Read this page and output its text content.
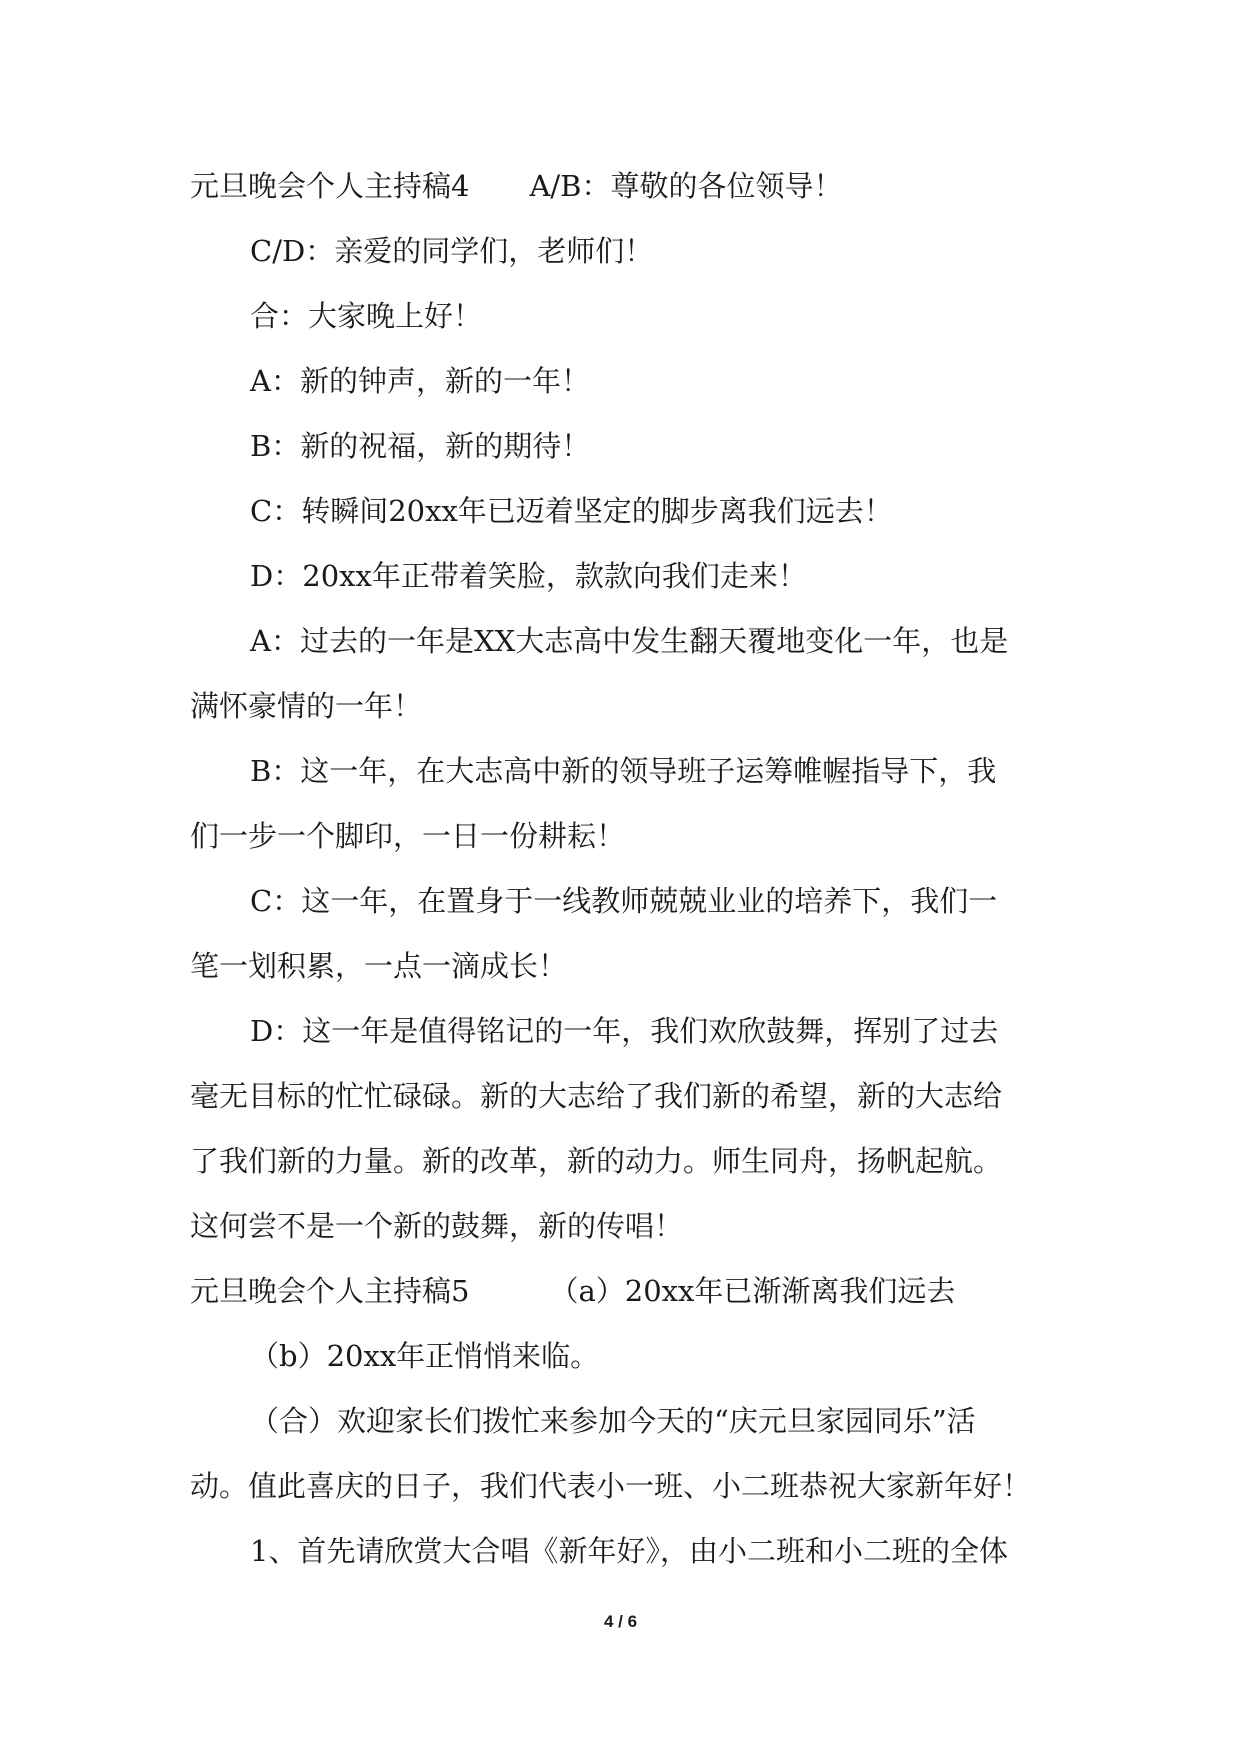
元旦晚会个人主持稿4 A/B：尊敬的各位领导！
C/D：亲爱的同学们，老师们！
合：大家晚上好！
A：新的钟声，新的一年！
B：新的祝福，新的期待！
C：转瞬间20xx年已迈着坚定的脚步离我们远去！
D：20xx年正带着笑脸，款款向我们走来！
A：过去的一年是XX大志高中发生翻天覆地变化一年，也是
满怀豪情的一年！
B：这一年，在大志高中新的领导班子运筹帷幄指导下，我
们一步一个脚印，一日一份耕耘！
C：这一年，在置身于一线教师兢兢业业的培养下，我们一
笔一划积累，一点一滴成长！
D：这一年是值得铭记的一年，我们欢欣鼓舞，挥别了过去
毫无目标的忙忙碌碌。新的大志给了我们新的希望，新的大志给
了我们新的力量。新的改革，新的动力。师生同舟，扬帆起航。
这何尝不是一个新的鼓舞，新的传唱！
元旦晚会个人主持稿5	（a）20xx年已渐渐离我们远去
（b）20xx年正悄悄来临。
（合）欢迎家长们拨忙来参加今天的“庆元旦家园同乐”活
动。值此喜庆的日子，我们代表小一班、小二班恭祝大家新年好！
1、首先请欣赏大合唱《新年好》，由小二班和小二班的全体
4 / 6
